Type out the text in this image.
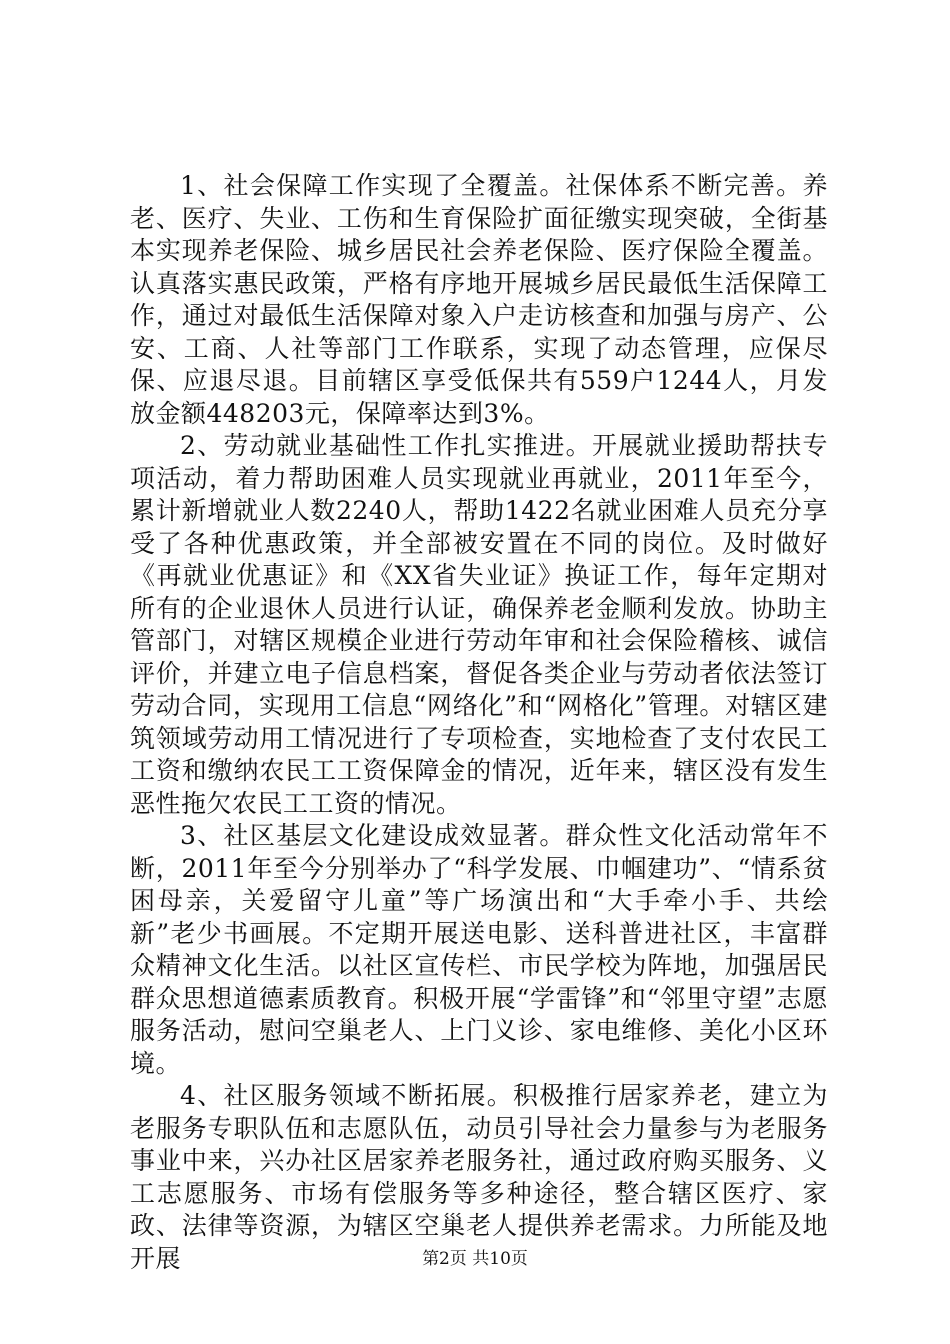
1、社会保障工作实现了全覆盖。社保体系不断完善。养老、医疗、失业、工伤和生育保险扩面征缴实现突破，全街基本实现养老保险、城乡居民社会养老保险、医疗保险全覆盖。认真落实惠民政策，严格有序地开展城乡居民最低生活保障工作，通过对最低生活保障对象入户走访核查和加强与房产、公安、工商、人社等部门工作联系，实现了动态管理，应保尽保、应退尽退。目前辖区享受低保共有559户1244人，月发放金额448203元，保障率达到3%。

2、劳动就业基础性工作扎实推进。开展就业援助帮扶专项活动，着力帮助困难人员实现就业再就业，2011年至今，累计新增就业人数2240人，帮助1422名就业困难人员充分享受了各种优惠政策，并全部被安置在不同的岗位。及时做好《再就业优惠证》和《XX省失业证》换证工作，每年定期对所有的企业退休人员进行认证，确保养老金顺利发放。协助主管部门，对辖区规模企业进行劳动年审和社会保险稽核、诚信评价，并建立电子信息档案，督促各类企业与劳动者依法签订劳动合同，实现用工信息“网络化”和“网格化”管理。对辖区建筑领域劳动用工情况进行了专项检查，实地检查了支付农民工工资和缴纳农民工工资保障金的情况，近年来，辖区没有发生恶性拖欠农民工工资的情况。

3、社区基层文化建设成效显著。群众性文化活动常年不断，2011年至今分别举办了“科学发展、巾帼建功”、“情系贫困母亲，关爱留守儿童”等广场演出和“大手牵小手、共绘新”老少书画展。不定期开展送电影、送科普进社区，丰富群众精神文化生活。以社区宣传栏、市民学校为阵地，加强居民群众思想道德素质教育。积极开展“学雷锋”和“邻里守望”志愿服务活动，慰问空巢老人、上门义诊、家电维修、美化小区环境。

4、社区服务领域不断拓展。积极推行居家养老，建立为老服务专职队伍和志愿队伍，动员引导社会力量参与为老服务事业中来，兴办社区居家养老服务社，通过政府购买服务、义工志愿服务、市场有偿服务等多种途径，整合辖区医疗、家政、法律等资源，为辖区空巢老人提供养老需求。力所能及地开展	第2页 共10页
